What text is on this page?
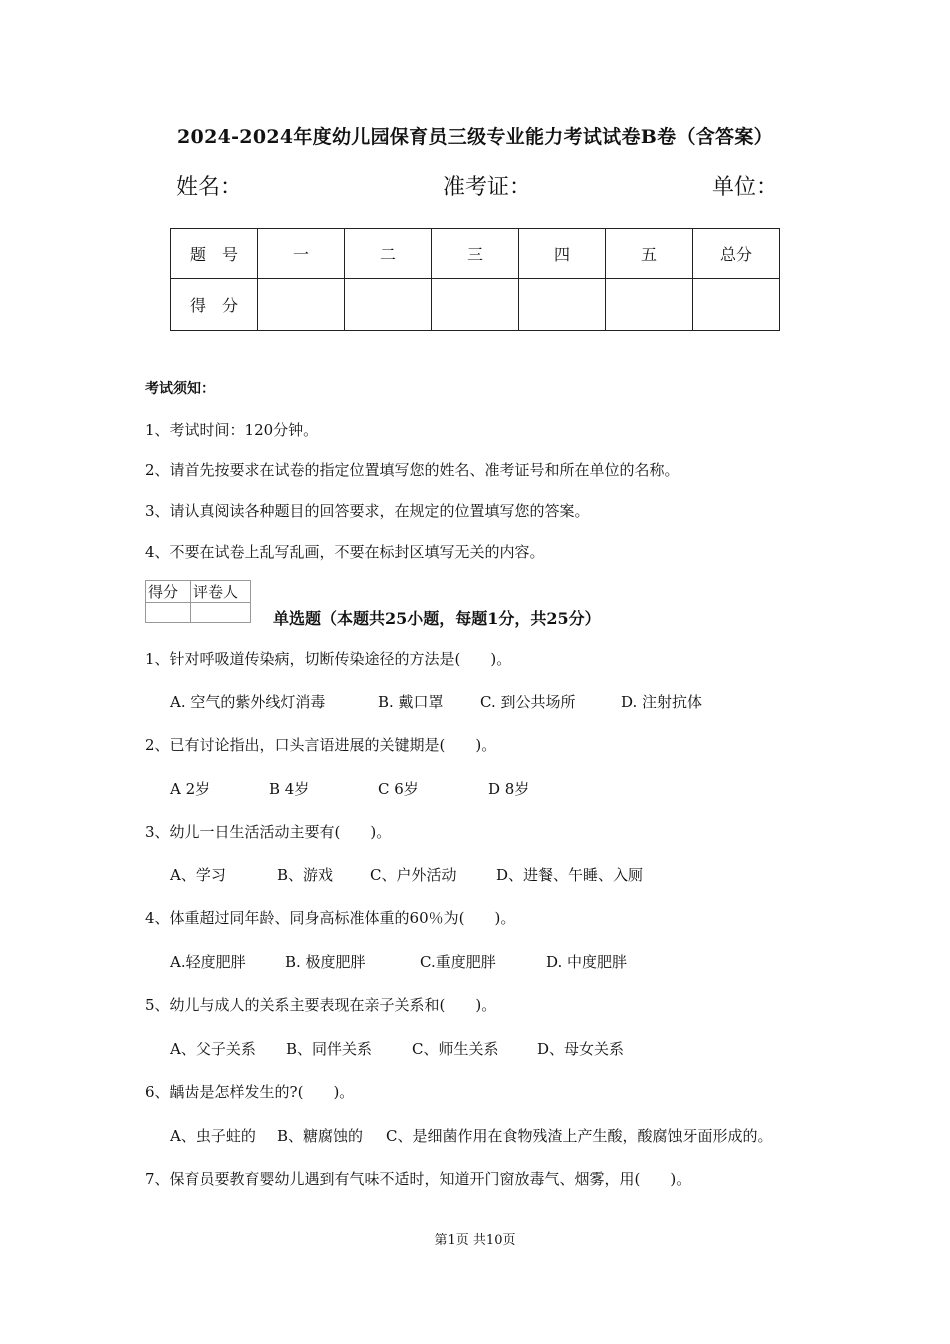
2024-2024年度幼儿园保育员三级专业能力考试试卷B卷（含答案）
姓名：	准考证：	单位：
题　号	一	二	三	四	五	总分
得　分						
考试须知：
1、考试时间：120分钟。
2、请首先按要求在试卷的指定位置填写您的姓名、准考证号和所在单位的名称。
3、请认真阅读各种题目的回答要求，在规定的位置填写您的答案。
4、不要在试卷上乱写乱画，不要在标封区填写无关的内容。
得分	评卷人

单选题（本题共25小题，每题1分，共25分）
1、针对呼吸道传染病，切断传染途径的方法是(　　)。
A. 空气的紫外线灯消毒	B. 戴口罩 C. 到公共场所	D. 注射抗体
2、已有讨论指出，口头言语进展的关键期是(　　)。
A 2岁	B 4岁	C 6岁	D 8岁
3、幼儿一日生活活动主要有(　　)。
A、学习	B、游戏 C、户外活动	D、进餐、午睡、入厕
4、体重超过同年龄、同身高标准体重的60％为(　　)。
A.轻度肥胖	B. 极度肥胖	C.重度肥胖	D. 中度肥胖
5、幼儿与成人的关系主要表现在亲子关系和(　　)。
A、父子关系 B、同伴关系	C、师生关系	D、母女关系
6、龋齿是怎样发生的?(　　)。
A、虫子蛀的 B、糖腐蚀的 C、是细菌作用在食物残渣上产生酸，酸腐蚀牙面形成的。
7、保育员要教育婴幼儿遇到有气味不适时，知道开门窗放毒气、烟雾，用(　　)。
第1页 共10页
